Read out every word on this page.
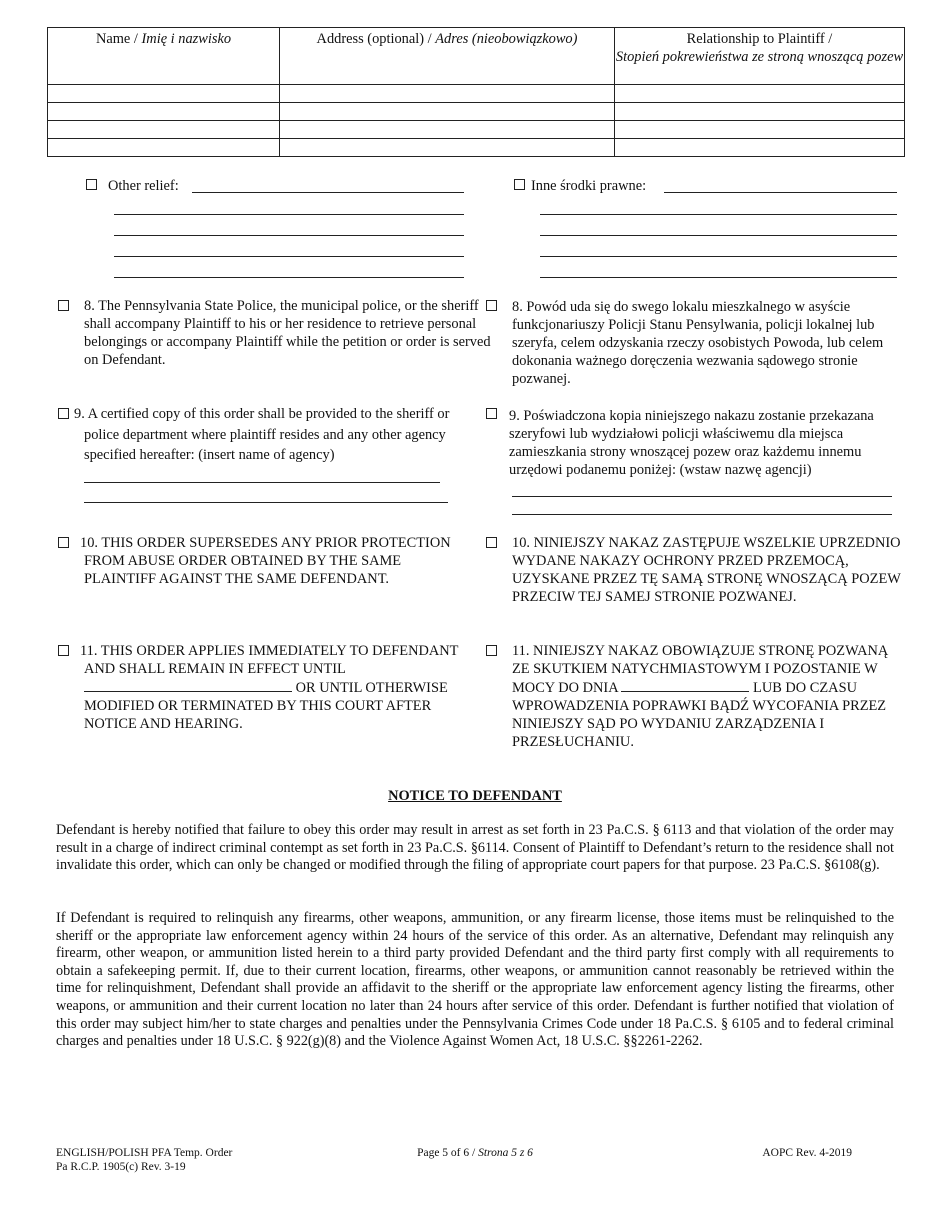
Name / Imię i nazwisko	Address (optional) / Adres (nieobowiązkowo)	Relationship to Plaintiff /
Stopień pokrewieństwa ze stroną wnoszącą pozew

Other relief:	Inne środki prawne:
8. The Pennsylvania State Police, the municipal police, or the sheriff shall accompany Plaintiff to his or her residence to retrieve personal belongings or accompany Plaintiff while the petition or order is served on Defendant.
8. Powód uda się do swego lokalu mieszkalnego w asyście funkcjonariuszy Policji Stanu Pensylwania, policji lokalnej lub szeryfa, celem odzyskania rzeczy osobistych Powoda, lub celem dokonania ważnego doręczenia wezwania sądowego stronie pozwanej.
9. A certified copy of this order shall be provided to the sheriff or police department where plaintiff resides and any other agency specified hereafter: (insert name of agency)
9. Poświadczona kopia niniejszego nakazu zostanie przekazana szeryfowi lub wydziałowi policji właściwemu dla miejsca zamieszkania strony wnoszącej pozew oraz każdemu innemu urzędowi podanemu poniżej: (wstaw nazwę agencji)
10. THIS ORDER SUPERSEDES ANY PRIOR PROTECTION FROM ABUSE ORDER OBTAINED BY THE SAME PLAINTIFF AGAINST THE SAME DEFENDANT.
10. NINIEJSZY NAKAZ ZASTĘPUJE WSZELKIE UPRZEDNIO WYDANE NAKAZY OCHRONY PRZED PRZEMOCĄ, UZYSKANE PRZEZ TĘ SAMĄ STRONĘ WNOSZĄCĄ POZEW PRZECIW TEJ SAMEJ STRONIE POZWANEJ.
11. THIS ORDER APPLIES IMMEDIATELY TO DEFENDANT AND SHALL REMAIN IN EFFECT UNTIL  OR UNTIL OTHERWISE MODIFIED OR TERMINATED BY THIS COURT AFTER NOTICE AND HEARING.
11. NINIEJSZY NAKAZ OBOWIĄZUJE STRONĘ POZWANĄ ZE SKUTKIEM NATYCHMIASTOWYM I POZOSTANIE W MOCY DO DNIA	LUB DO CZASU WPROWADZENIA POPRAWKI BĄDŹ WYCOFANIA PRZEZ NINIEJSZY SĄD PO WYDANIU ZARZĄDZENIA I PRZESŁUCHANIU.
NOTICE TO DEFENDANT
Defendant is hereby notified that failure to obey this order may result in arrest as set forth in 23 Pa.C.S. § 6113 and that violation of the order may result in a charge of indirect criminal contempt as set forth in 23 Pa.C.S. §6114. Consent of Plaintiff to Defendant’s return to the residence shall not invalidate this order, which can only be changed or modified through the filing of appropriate court papers for that purpose. 23 Pa.C.S. §6108(g).
If Defendant is required to relinquish any firearms, other weapons, ammunition, or any firearm license, those items must be relinquished to the sheriff or the appropriate law enforcement agency within 24 hours of the service of this order. As an alternative, Defendant may relinquish any firearm, other weapon, or ammunition listed herein to a third party provided Defendant and the third party first comply with all requirements to obtain a safekeeping permit. If, due to their current location, firearms, other weapons, or ammunition cannot reasonably be retrieved within the time for relinquishment, Defendant shall provide an affidavit to the sheriff or the appropriate law enforcement agency listing the firearms, other weapons, or ammunition and their current location no later than 24 hours after service of this order. Defendant is further notified that violation of this order may subject him/her to state charges and penalties under the Pennsylvania Crimes Code under 18 Pa.C.S. § 6105 and to federal criminal charges and penalties under 18 U.S.C. § 922(g)(8) and the Violence Against Women Act, 18 U.S.C. §§2261-2262.
ENGLISH/POLISH PFA Temp. Order
Pa R.C.P. 1905(c) Rev. 3-19
Page 5 of 6 / Strona 5 z 6	AOPC Rev. 4-2019
